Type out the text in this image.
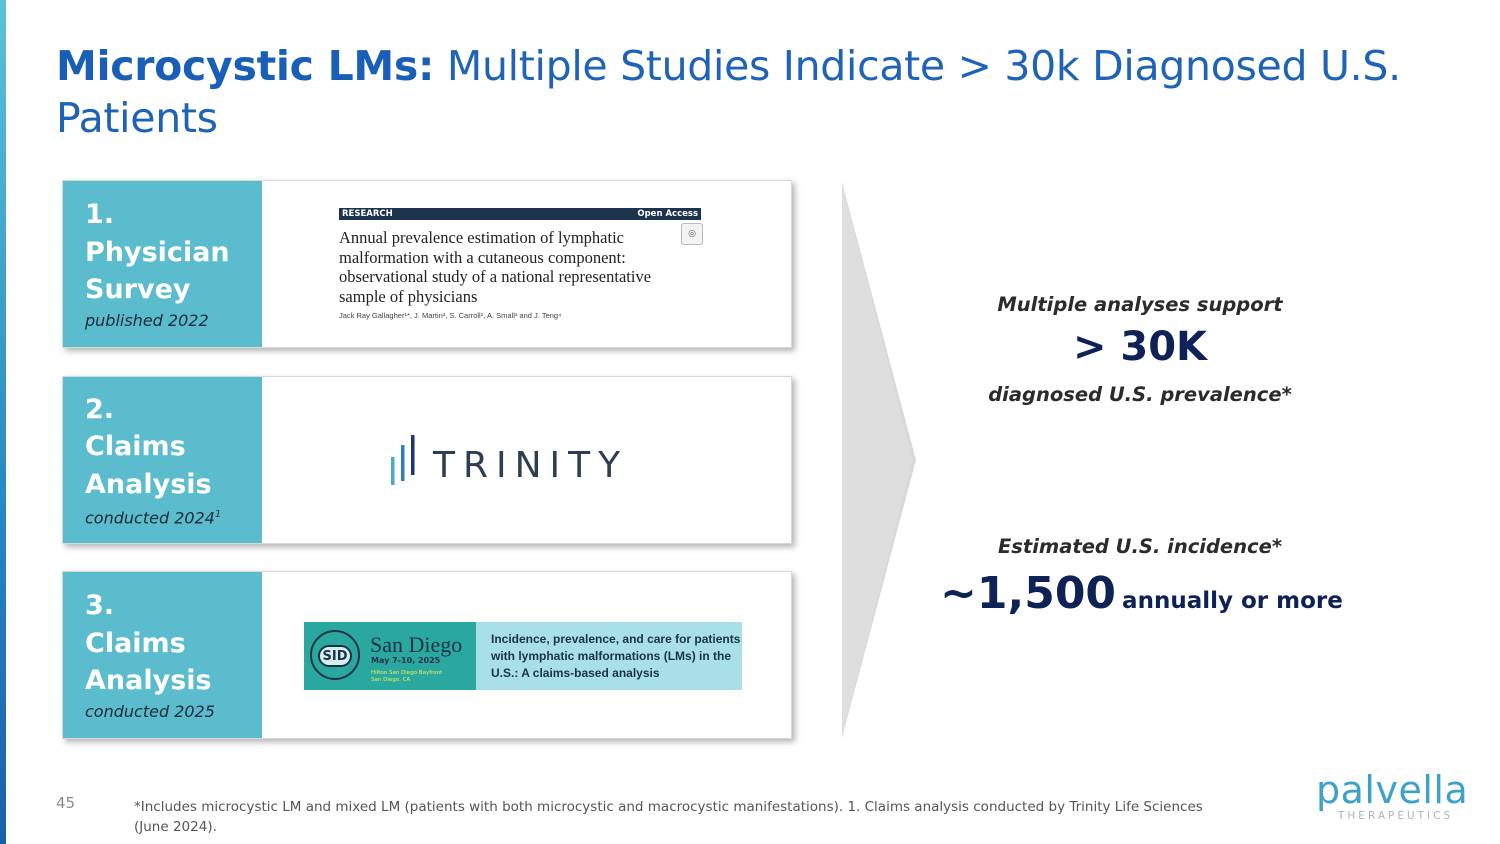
Microcystic LMs: Multiple Studies Indicate > 30k Diagnosed U.S. Patients
1. Physician
Survey
published 2022
RESEARCH	Open Access
◎
Annual prevalence estimation of lymphatic malformation with a cutaneous component: observational study of a national representative sample of physicians
Jack Ray Gallagher¹*, J. Martin², S. Carroll¹, A. Small³ and J. Teng⁴
2.
Claims
Analysis
conducted 2024$^1$
TRINITY
3.
Claims
Analysis
conducted 2025
SID San Diego
May 7-10, 2025
Hilton San Diego Bayfront
San Diego, CA
Incidence, prevalence, and care for patients with lymphatic malformations (LMs) in the U.S.: A claims-based analysis
Multiple analyses support
> 30K
diagnosed U.S. prevalence*
Estimated U.S. incidence*
~1,500 annually or more
45	*Includes microcystic LM and mixed LM (patients with both microcystic and macrocystic manifestations). 1. Claims analysis conducted by Trinity Life Sciences (June 2024).
palvella
THERAPEUTICS
